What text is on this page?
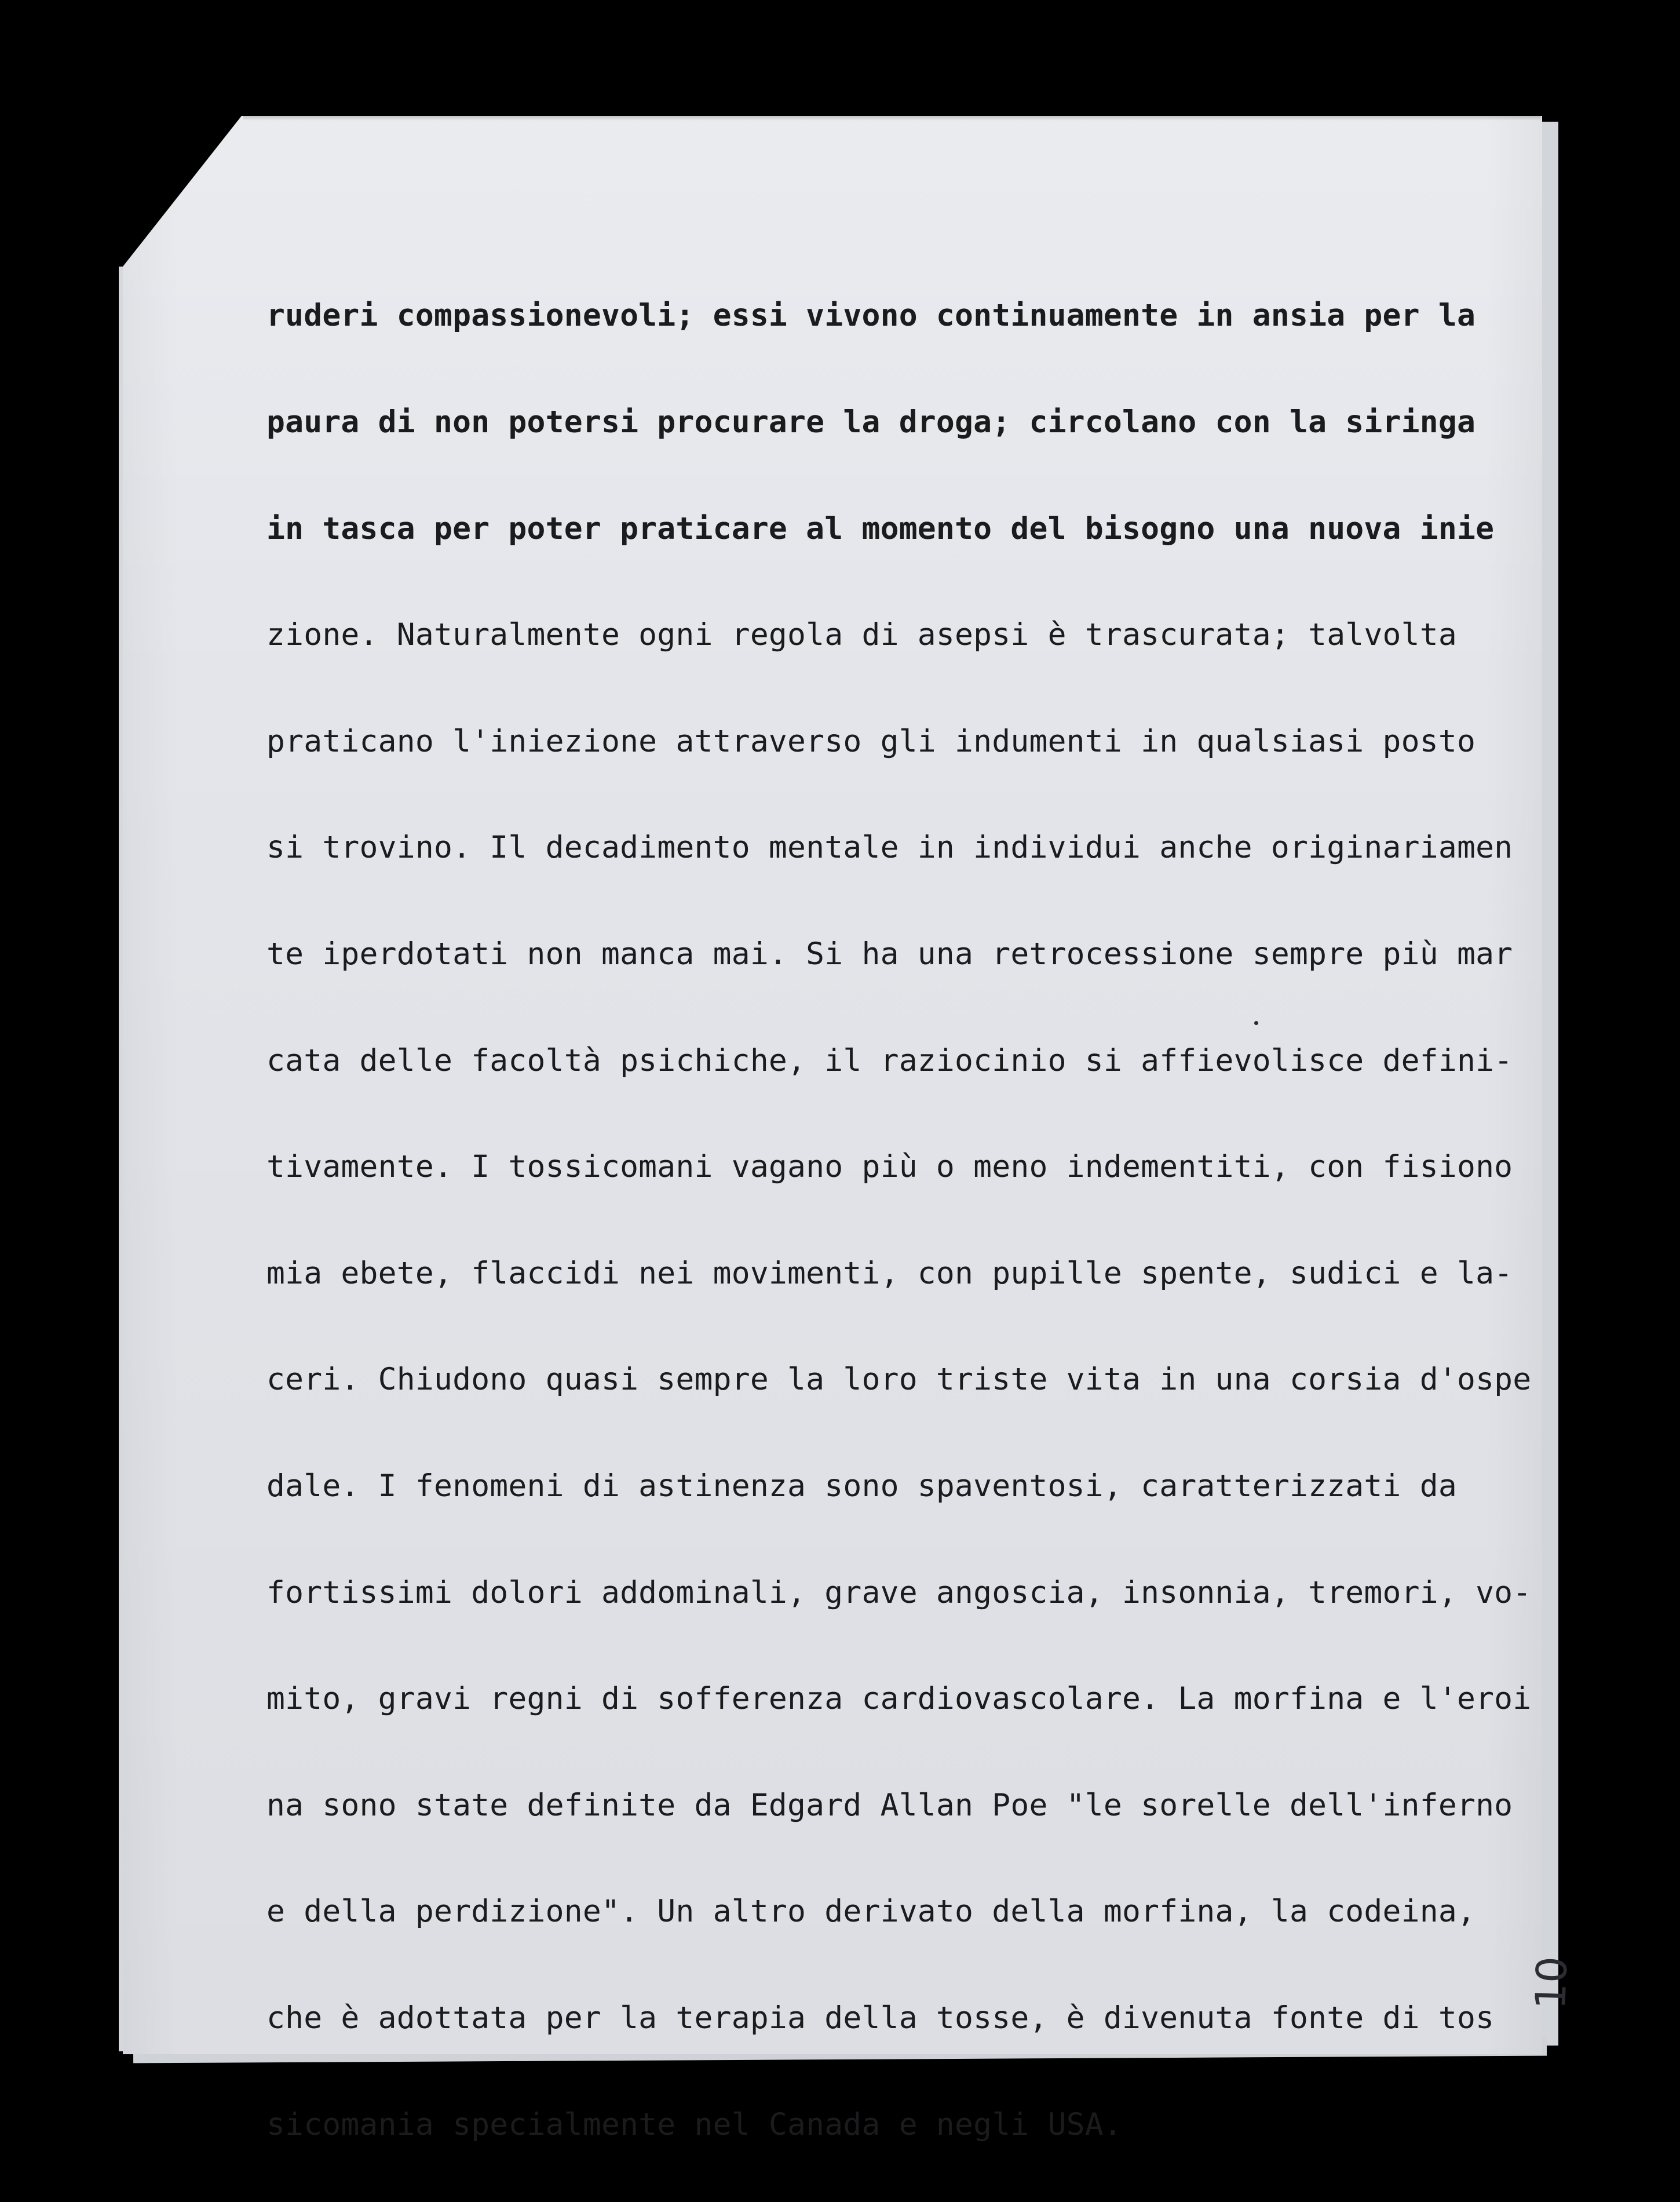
ruderi compassionevoli; essi vivono continuamente in ansia per la

paura di non potersi procurare la droga; circolano con la siringa

in tasca per poter praticare al momento del bisogno una nuova inie

zione. Naturalmente ogni regola di asepsi è trascurata; talvolta

praticano l'iniezione attraverso gli indumenti in qualsiasi posto

si trovino. Il decadimento mentale in individui anche originariamen

te iperdotati non manca mai. Si ha una retrocessione sempre più mar

cata delle facoltà psichiche, il raziocinio si affievolisce defini-

tivamente. I tossicomani vagano più o meno indementiti, con fisiono

mia ebete, flaccidi nei movimenti, con pupille spente, sudici e la-

ceri. Chiudono quasi sempre la loro triste vita in una corsia d'ospe

dale. I fenomeni di astinenza sono spaventosi, caratterizzati da

fortissimi dolori addominali, grave angoscia, insonnia, tremori, vo-

mito, gravi regni di sofferenza cardiovascolare. La morfina e l'eroi

na sono state definite da Edgard Allan Poe "le sorelle dell'inferno

e della perdizione". Un altro derivato della morfina, la codeina,

che è adottata per la terapia della tosse, è divenuta fonte di tos

sicomania specialmente nel Canada e negli USA.

10
